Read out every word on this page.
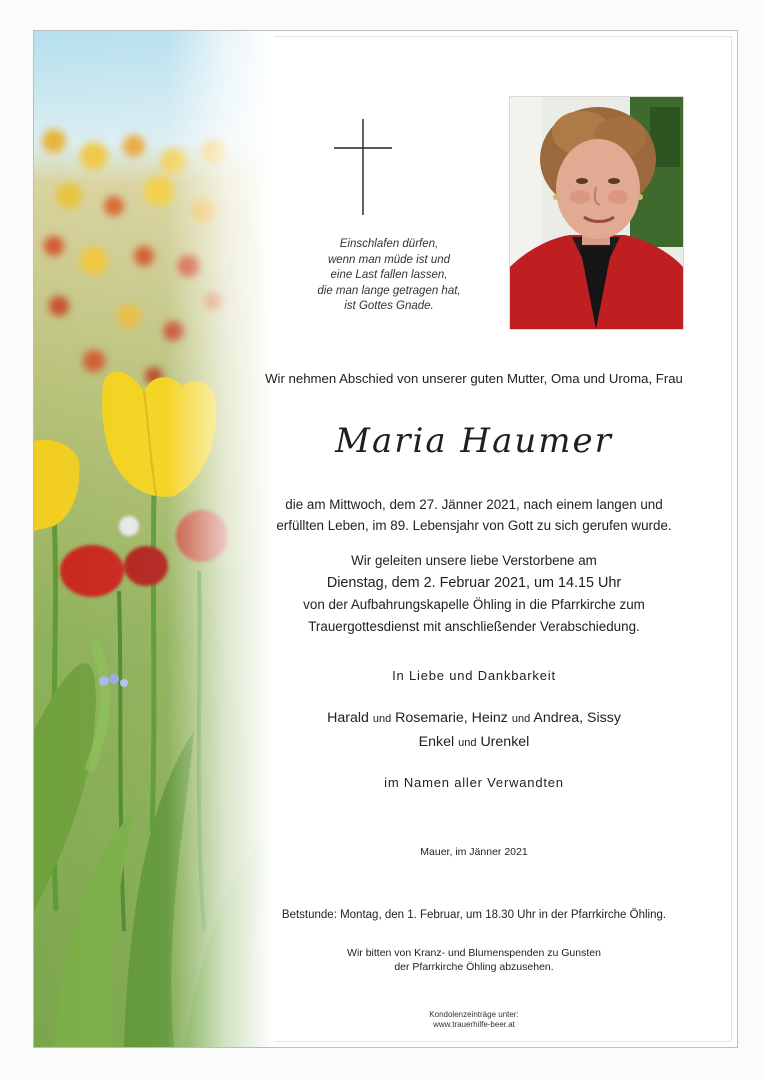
Einschlafen dürfen,
wenn man müde ist und
eine Last fallen lassen,
die man lange getragen hat,
ist Gottes Gnade.
Wir nehmen Abschied von unserer guten Mutter, Oma und Uroma, Frau
Maria Haumer
die am Mittwoch, dem 27. Jänner 2021, nach einem langen und
erfüllten Leben, im 89. Lebensjahr von Gott zu sich gerufen wurde.
Wir geleiten unsere liebe Verstorbene am
Dienstag, dem 2. Februar 2021, um 14.15 Uhr
von der Aufbahrungskapelle Öhling in die Pfarrkirche zum
Trauergottesdienst mit anschließender Verabschiedung.
In Liebe und Dankbarkeit
Harald und Rosemarie, Heinz und Andrea, Sissy
Enkel und Urenkel
im Namen aller Verwandten
Mauer, im Jänner 2021
Betstunde: Montag, den 1. Februar, um 18.30 Uhr in der Pfarrkirche Öhling.
Wir bitten von Kranz- und Blumenspenden zu Gunsten
der Pfarrkirche Öhling abzusehen.
Kondolenzeinträge unter:
www.trauerhilfe-beer.at
